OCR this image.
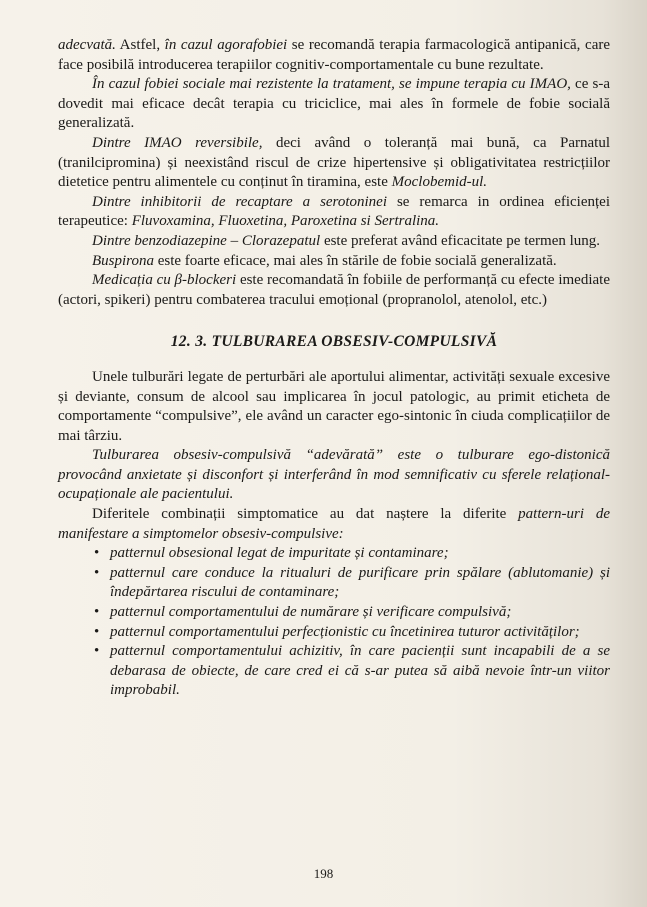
adecvată. Astfel, în cazul agorafobiei se recomandă terapia farmacologică antipanică, care face posibilă introducerea terapiilor cognitiv-comportamentale cu bune rezultate.

În cazul fobiei sociale mai rezistente la tratament, se impune terapia cu IMAO, ce s-a dovedit mai eficace decât terapia cu triciclice, mai ales în formele de fobie socială generalizată.

Dintre IMAO reversibile, deci având o toleranță mai bună, ca Parnatul (tranilcipromina) și neexistând riscul de crize hipertensive și obligativitatea restricțiilor dietetice pentru alimentele cu conținut în tiramina, este Moclobemid-ul.

Dintre inhibitorii de recaptare a serotoninei se remarca in ordinea eficienței terapeutice: Fluvoxamina, Fluoxetina, Paroxetina si Sertralina.

Dintre benzodiazepine – Clorazepatul este preferat având eficacitate pe termen lung.

Buspirona este foarte eficace, mai ales în stările de fobie socială generalizată.

Medicația cu β-blockeri este recomandată în fobiile de performanță cu efecte imediate (actori, spikeri) pentru combaterea tracului emoțional (propranolol, atenolol, etc.)

12. 3. TULBURAREA OBSESIV-COMPULSIVĂ

Unele tulburări legate de perturbări ale aportului alimentar, activități sexuale excesive și deviante, consum de alcool sau implicarea în jocul patologic, au primit eticheta de comportamente “compulsive”, ele având un caracter ego-sintonic în ciuda complicațiilor de mai târziu.

Tulburarea obsesiv-compulsivă “adevărată” este o tulburare ego-distonică provocând anxietate și disconfort și interferând în mod semnificativ cu sferele relațional-ocupaționale ale pacientului.

Diferitele combinații simptomatice au dat naștere la diferite pattern-uri de manifestare a simptomelor obsesiv-compulsive:

• patternul obsesional legat de impuritate și contaminare;
• patternul care conduce la ritualuri de purificare prin spălare (ablutomanie) și îndepărtarea riscului de contaminare;
• patternul comportamentului de numărare și verificare compulsivă;
• patternul comportamentului perfecționistic cu încetinirea tuturor activităților;
• patternul comportamentului achizitiv, în care pacienții sunt incapabili de a se debarasa de obiecte, de care cred ei că s-ar putea să aibă nevoie într-un viitor improbabil.
198
